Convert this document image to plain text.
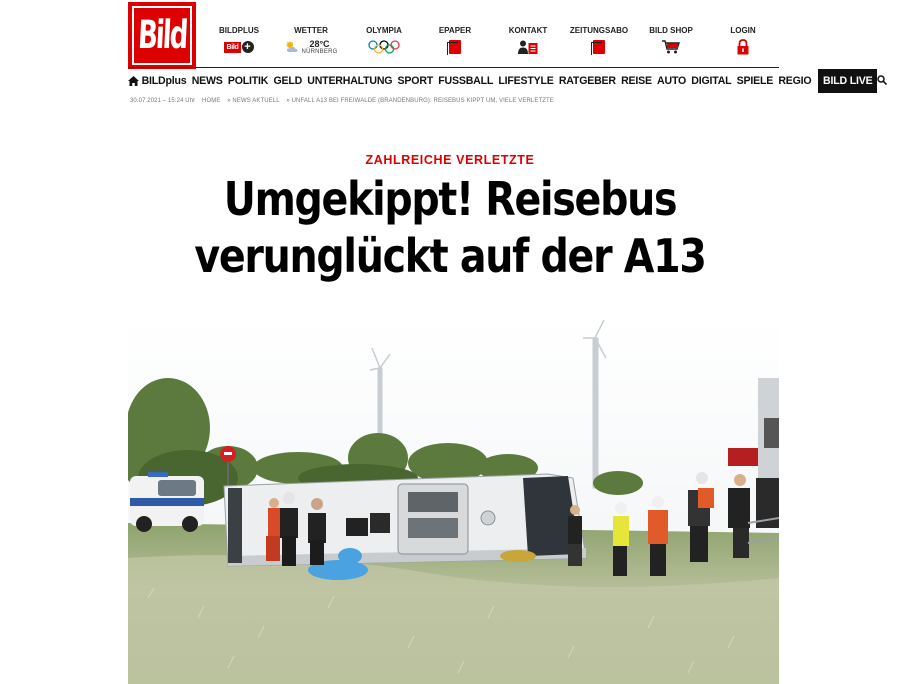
Bild	BILDPLUS
Bild +
WETTER
28°C
NÜRNBERG
OLYMPIA	EPAPER	KONTAKT	ZEITUNGSABO	BILD SHOP	LOGIN
BILDplus NEWS POLITIK GELD UNTERHALTUNG SPORT FUSSBALL LIFESTYLE RATGEBER REISE AUTO DIGITAL SPIELE REGIO	BILD LIVE
30.07.2021 – 15:24 Uhr HOME » NEWS AKTUELL » UNFALL A13 BEI FREIWALDE (BRANDENBURG): REISEBUS KIPPT UM, VIELE VERLETZTE
ZAHLREICHE VERLETZTE
Umgekippt! Reisebus
verunglückt auf der A13
